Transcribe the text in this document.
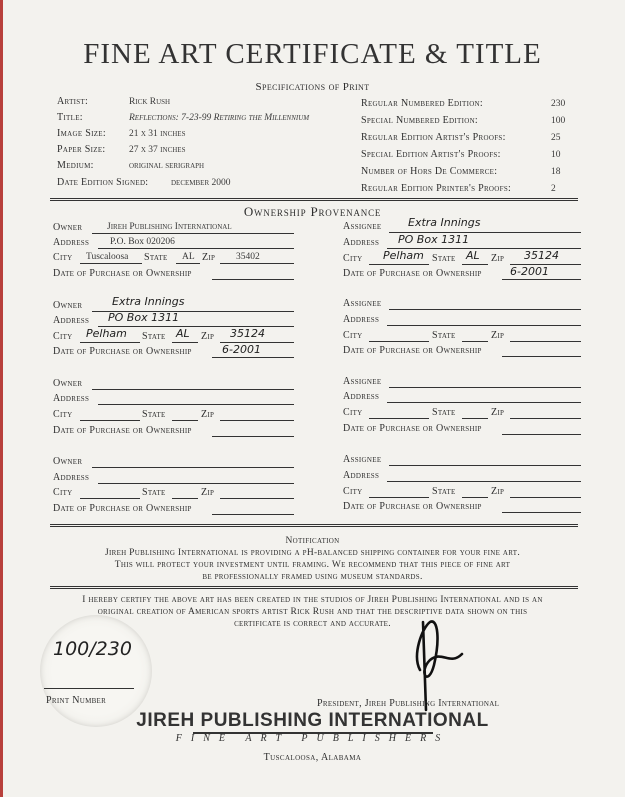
FINE ART CERTIFICATE & TITLE
Specifications of Print
Artist:	Rick Rush
Title:	Reflections: 7-23-99 Retiring the Millennium
Image Size: 21 x 31 inches
Paper Size: 27 x 37 inches
Medium:	original serigraph
Date Edition Signed: december 2000
Regular Numbered Edition:	230
Special Numbered Edition:	100
Regular Edition Artist's Proofs:	25
Special Edition Artist's Proofs:	10
Number of Hors De Commerce:	18
Regular Edition Printer's Proofs:	2
Ownership Provenance
Owner	Jireh Publishing International
Address P.O. Box 020206
City Tuscaloosa State AL Zip 35402
Date of Purchase or Ownership
Assignee Extra Innings
Address PO Box 1311
City Pelham State AL Zip 35124
Date of Purchase or Ownership	6-2001
Owner	Extra Innings
Address PO Box 1311
City Pelham State AL Zip 35124
Date of Purchase or Ownership	6-2001
Assignee
Address
City	State	Zip
Date of Purchase or Ownership
Owner
Address
City	State	Zip
Date of Purchase or Ownership
Assignee
Address
City	State	Zip
Date of Purchase or Ownership
Owner
Address
City	State	Zip
Date of Purchase or Ownership
Assignee
Address
City	State	Zip
Date of Purchase or Ownership
Notification
Jireh Publishing International is providing a pH-balanced shipping container for your fine art.
This will protect your investment until framing. We recommend that this piece of fine art
be professionally framed using museum standards.
I hereby certify the above art has been created in the studios of Jireh Publishing International and is an
original creation of American sports artist Rick Rush and that the descriptive data shown on this
certificate is correct and accurate.
100/230
Print Number	President, Jireh Publishing International
JIREH PUBLISHING INTERNATIONAL
FINE ART PUBLISHERS
Tuscaloosa, Alabama
